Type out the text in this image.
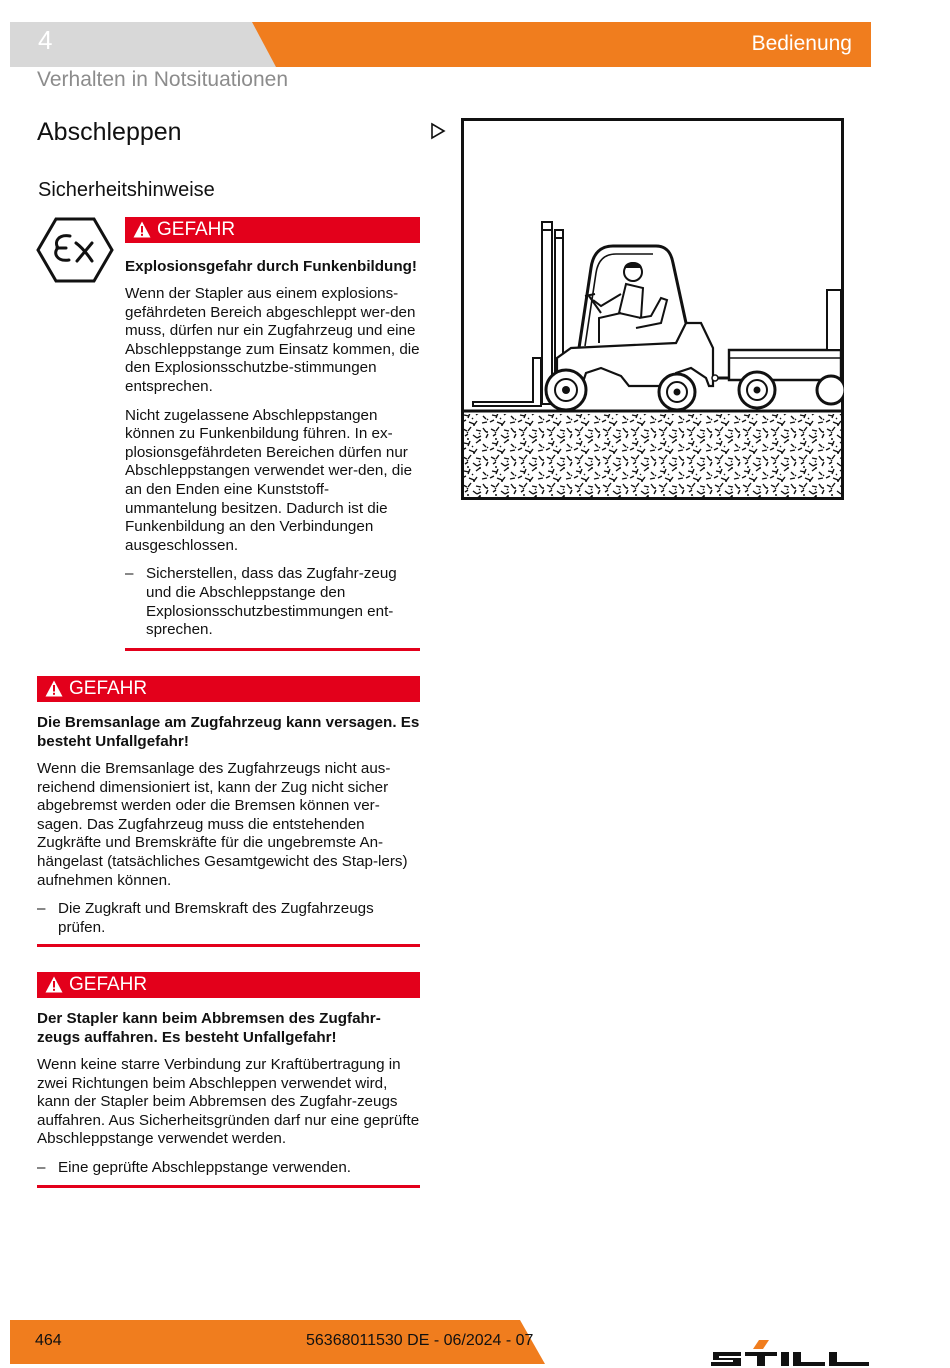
4	Bedienung
Verhalten in Notsituationen
Abschleppen
Sicherheitshinweise
GEFAHR
Explosionsgefahr durch Funkenbildung!

Wenn der Stapler aus einem explosions-gefährdeten Bereich abgeschleppt wer-den muss, dürfen nur ein Zugfahrzeug und eine Abschleppstange zum Einsatz kommen, die den Explosionsschutzbe-stimmungen entsprechen.

Nicht zugelassene Abschleppstangen können zu Funkenbildung führen. In ex-plosionsgefährdeten Bereichen dürfen nur Abschleppstangen verwendet wer-den, die an den Enden eine Kunststoff-ummantelung besitzen. Dadurch ist die Funkenbildung an den Verbindungen ausgeschlossen.

– Sicherstellen, dass das Zugfahr-zeug und die Abschleppstange den Explosionsschutzbestimmungen ent-sprechen.
GEFAHR
Die Bremsanlage am Zugfahrzeug kann versagen. Es besteht Unfallgefahr!

Wenn die Bremsanlage des Zugfahrzeugs nicht aus-reichend dimensioniert ist, kann der Zug nicht sicher abgebremst werden oder die Bremsen können ver-sagen. Das Zugfahrzeug muss die entstehenden Zugkräfte und Bremskräfte für die ungebremste An-hängelast (tatsächliches Gesamtgewicht des Stap-lers) aufnehmen können.

– Die Zugkraft und Bremskraft des Zugfahrzeugs prüfen.
GEFAHR
Der Stapler kann beim Abbremsen des Zugfahr-zeugs auffahren. Es besteht Unfallgefahr!

Wenn keine starre Verbindung zur Kraftübertragung in zwei Richtungen beim Abschleppen verwendet wird, kann der Stapler beim Abbremsen des Zugfahr-zeugs auffahren. Aus Sicherheitsgründen darf nur eine geprüfte Abschleppstange verwendet werden.

– Eine geprüfte Abschleppstange verwenden.
464	56368011530 DE - 06/2024 - 07
